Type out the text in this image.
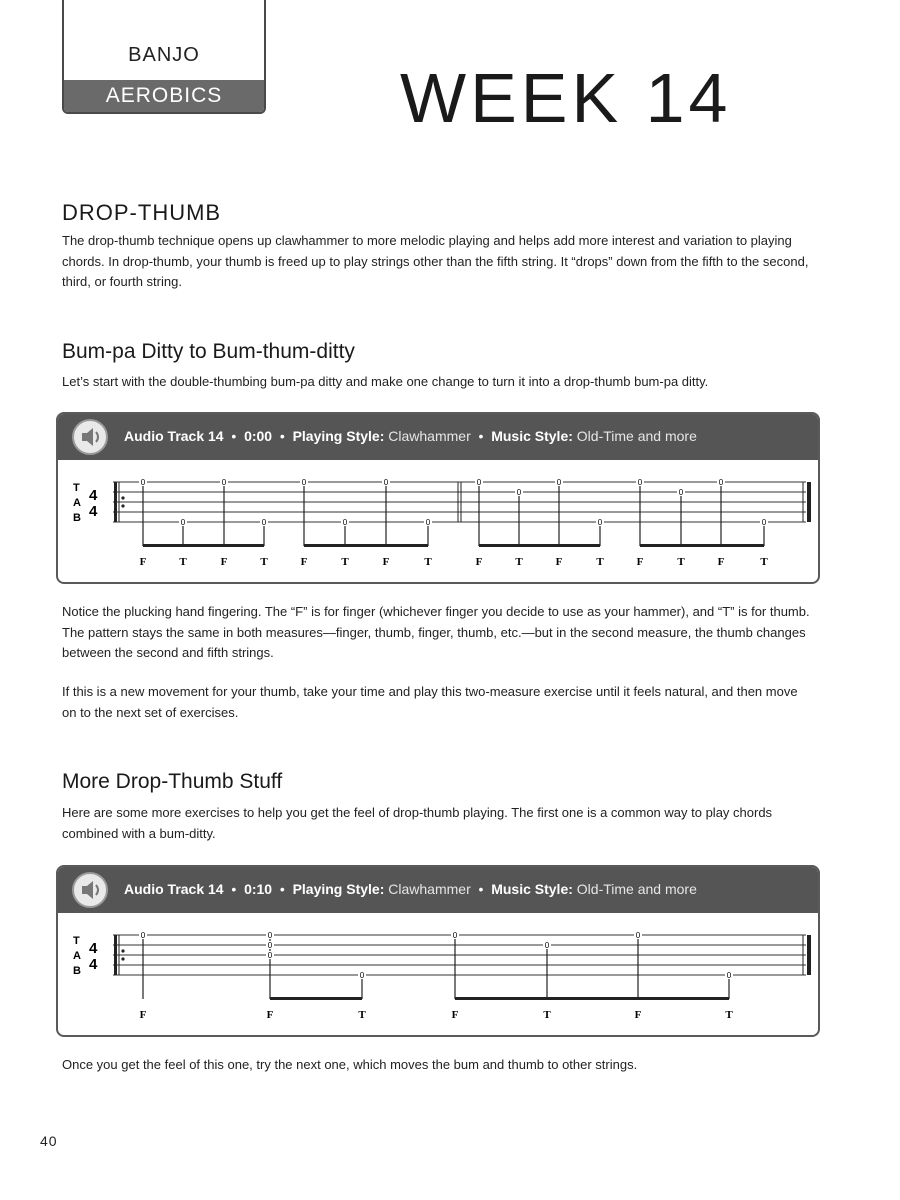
BANJO
AEROBICS	WEEK 14
DROP-THUMB
The drop-thumb technique opens up clawhammer to more melodic playing and helps add more interest and variation to playing chords. In drop-thumb, your thumb is freed up to play strings other than the fifth string. It “drops” down from the fifth to the second, third, or fourth string.
Bum-pa Ditty to Bum-thum-ditty
Let’s start with the double-thumbing bum-pa ditty and make one change to turn it into a drop-thumb bum-pa ditty.
Audio Track 14  •  0:00  •  Playing Style: Clawhammer  •  Music Style: Old-Time and more
T
A
B
4
4
0
0
0
0
0
0
0
0
0
0
0
0
0
0
0
0
F	T	F	T	F	T	F	T	F	T	F	T	F	T	F	T
Notice the plucking hand fingering. The “F” is for finger (whichever finger you decide to use as your hammer), and “T” is for thumb. The pattern stays the same in both measures—finger, thumb, finger, thumb, etc.—but in the second measure, the thumb changes between the second and fifth strings.
If this is a new movement for your thumb, take your time and play this two-measure exercise until it feels natural, and then move on to the next set of exercises.
More Drop-Thumb Stuff
Here are some more exercises to help you get the feel of drop-thumb playing. The first one is a common way to play chords combined with a bum-ditty.
Audio Track 14  •  0:10  •  Playing Style: Clawhammer  •  Music Style: Old-Time and more
T
A
B
4
4
0	0
0
0
0
0
0
0
0
F	F	T	F	T	F	T
Once you get the feel of this one, try the next one, which moves the bum and thumb to other strings.
40
